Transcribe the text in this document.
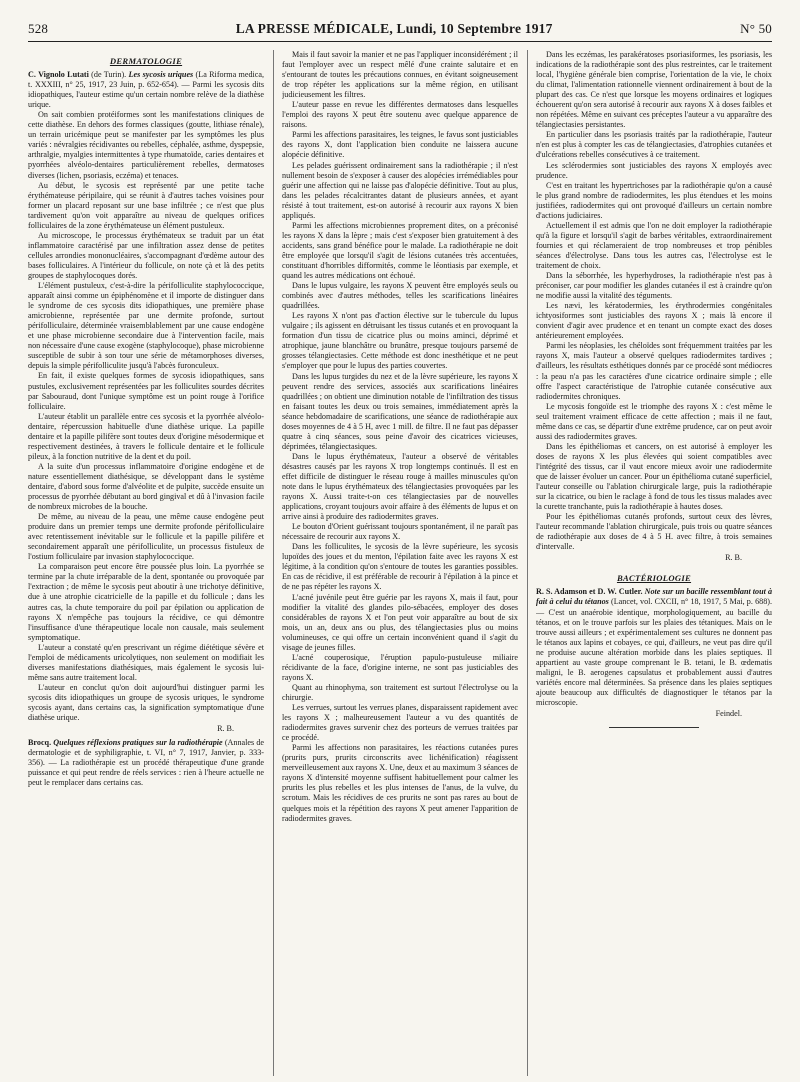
528	LA PRESSE MÉDICALE, Lundi, 10 Septembre 1917	N° 50
DERMATOLOGIE

C. Vignolo Lutati (de Turin). Les sycosis uriques (La Riforma medica, t. XXXIII, n° 25, 1917, 23 Juin, p. 652-654). — Parmi les sycosis dits idiopathiques, l'auteur estime qu'un certain nombre relève de la diathèse urique.

On sait combien protéiformes sont les manifestations cliniques de cette diathèse. En dehors des formes classiques (goutte, lithiase rénale), un terrain uricémique peut se manifester par les symptômes les plus variés : névralgies récidivantes ou rebelles, céphalée, asthme, dyspepsie, arthralgie, myalgies intermittentes à type rhumatoïde, caries dentaires et pyorrhées alvéolo-dentaires particulièrement rebelles, dermatoses diverses (lichen, psoriasis, eczéma) et tenaces.

Au début, le sycosis est représenté par une petite tache érythémateuse péripilaire, qui se réunit à d'autres taches voisines pour former un placard reposant sur une base infiltrée ; ce n'est que plus tardivement qu'on voit apparaître au niveau de quelques orifices folliculaires de la zone érythémateuse un élément pustuleux.

Au microscope, le processus érythémateux se traduit par un état inflammatoire caractérisé par une infiltration assez dense de petites cellules arrondies mononucléaires, s'accompagnant d'œdème autour des bases folliculaires. A l'intérieur du follicule, on note çà et là des petits groupes de staphylocoques dorés.

L'élément pustuleux, c'est-à-dire la périfolliculite staphylococcique, apparaît ainsi comme un épiphénomène et il importe de distinguer dans le syndrome de ces sycosis dits idiopathiques, une première phase amicrobienne, représentée par une dermite profonde, surtout périfolliculaire, déterminée vraisemblablement par une cause endogène et une phase microbienne secondaire due à l'intervention facile, mais non nécessaire d'une cause exogène (staphylocoque), phase microbienne susceptible de subir à son tour une série de métamorphoses diverses, depuis la simple périfolliculite jusqu'à l'abcès furonculeux.

En fait, il existe quelques formes de sycosis idiopathiques, sans pustules, exclusivement représentées par les folliculites sourdes décrites par Sabouraud, dont l'unique symptôme est un point rouge à l'orifice folliculaire.

L'auteur établit un parallèle entre ces sycosis et la pyorrhée alvéolo-dentaire, répercussion habituelle d'une diathèse urique. La papille dentaire et la papille pilifère sont toutes deux d'origine mésodermique et respectivement destinées, à travers le follicule dentaire et le follicule pileux, à la fonction nutritive de la dent et du poil.

A la suite d'un processus inflammatoire d'origine endogène et de nature essentiellement diathésique, se développant dans le système dentaire, d'abord sous forme d'alvéolite et de pulpite, succède ensuite un processus de pyorrhée débutant au bord gingival et dû à l'invasion facile de nombreux microbes de la bouche.

De même, au niveau de la peau, une même cause endogène peut produire dans un premier temps une dermite profonde périfolliculaire avec retentissement inévitable sur le follicule et la papille pilifère et secondairement apparaît une périfolliculite, un processus fistuleux de l'ostium folliculaire par invasion staphylococcique.

La comparaison peut encore être poussée plus loin. La pyorrhée se termine par la chute irréparable de la dent, spontanée ou provoquée par l'extraction ; de même le sycosis peut aboutir à une trichotye définitive, due à une atrophie cicatricielle de la papille et du follicule ; dans les autres cas, la chute temporaire du poil par épilation ou application de rayons X n'empêche pas toujours la récidive, ce qui démontre l'insuffisance d'une thérapeutique locale non causale, mais seulement symptomatique.

L'auteur a constaté qu'en prescrivant un régime diététique sévère et l'emploi de médicaments uricolytiques, non seulement on modifiait les diverses manifestations diathésiques, mais également le sycosis lui-même sans autre traitement local.

L'auteur en conclut qu'on doit aujourd'hui distinguer parmi les sycosis dits idiopathiques un groupe de sycosis uriques, le syndrome sycosis ayant, dans certains cas, la signification symptomatique d'une diathèse urique.

R. B.

Brocq. Quelques réflexions pratiques sur la radiothérapie (Annales de dermatologie et de syphiligraphie, t. VI, n° 7, 1917, Janvier, p. 333-356). — La radiothérapie est un procédé thérapeutique d'une grande puissance et qui peut rendre de réels services : rien à l'heure actuelle ne peut le remplacer dans certains cas.

Mais il faut savoir la manier et ne pas l'appliquer inconsidérément ; il faut l'employer avec un respect mêlé d'une crainte salutaire et en s'entourant de toutes les précautions connues, en évitant soigneusement de trop répéter les applications sur la même région, en utilisant judicieusement les filtres.

L'auteur passe en revue les différentes dermatoses dans lesquelles l'emploi des rayons X peut être soutenu avec quelque apparence de raisons.

Parmi les affections parasitaires, les teignes, le favus sont justiciables des rayons X, dont l'application bien conduite ne laissera aucune alopécie définitive.

Les pelades guérissent ordinairement sans la radiothérapie ; il n'est nullement besoin de s'exposer à causer des alopécies irrémédiables pour guérir une affection qui ne laisse pas d'alopécie définitive. Tout au plus, dans les pelades récalcitrantes datant de plusieurs années, et ayant résisté à tout traitement, est-on autorisé à recourir aux rayons X bien appliqués.

Parmi les affections microbiennes proprement dites, on a préconisé les rayons X dans la lèpre ; mais c'est s'exposer bien gratuitement à des accidents, sans grand bénéfice pour le malade. La radiothérapie ne doit être employée que lorsqu'il s'agit de lésions cutanées très accentuées, constituant d'horribles difformités, comme le léontiasis par exemple, et quand les autres médications ont échoué.

Dans le lupus vulgaire, les rayons X peuvent être employés seuls ou combinés avec d'autres méthodes, telles les scarifications linéaires quadrillées.

Les rayons X n'ont pas d'action élective sur le tubercule du lupus vulgaire ; ils agissent en détruisant les tissus cutanés et en provoquant la formation d'un tissu de cicatrice plus ou moins aminci, déprimé et atrophique, jaune blanchâtre ou brunâtre, presque toujours parsemé de grosses télangiectasies. Cette méthode est donc inesthétique et ne peut s'employer que pour le lupus des parties couvertes.

Dans les lupus turgides du nez et de la lèvre supérieure, les rayons X peuvent rendre des services, associés aux scarifications linéaires quadrillées ; on obtient une diminution notable de l'infiltration des tissus en faisant toutes les deux ou trois semaines, immédiatement après la séance hebdomadaire de scarifications, une séance de radiothérapie aux doses moyennes de 4 à 5 H, avec 1 mill. de filtre. Il ne faut pas dépasser quatre à cinq séances, sous peine d'avoir des cicatrices vicieuses, déprimées, télangiectasiques.

Dans le lupus érythémateux, l'auteur a observé de véritables désastres causés par les rayons X trop longtemps continués. Il est en effet difficile de distinguer le réseau rouge à mailles minuscules qu'on note dans le lupus érythémateux des télangiectasies provoquées par les rayons X. Aussi traite-t-on ces télangiectasies par de nouvelles applications, croyant toujours avoir affaire à des éléments de lupus et on arrive ainsi à produire des radiodermites graves.

Le bouton d'Orient guérissant toujours spontanément, il ne paraît pas nécessaire de recourir aux rayons X.

Dans les folliculites, le sycosis de la lèvre supérieure, les sycosis lupoïdes des joues et du menton, l'épilation faite avec les rayons X est légitime, à la condition qu'on s'entoure de toutes les garanties possibles. En cas de récidive, il est préférable de recourir à l'épilation à la pince et de ne pas répéter les rayons X.

L'acné juvénile peut être guérie par les rayons X, mais il faut, pour modifier la vitalité des glandes pilo-sébacées, employer des doses considérables de rayons X et l'on peut voir apparaître au bout de six mois, un an, deux ans ou plus, des télangiectasies plus ou moins volumineuses, ce qui offre un certain inconvénient quand il s'agit du visage de jeunes filles.

L'acné couperosique, l'éruption papulo-pustuleuse miliaire récidivante de la face, d'origine interne, ne sont pas justiciables des rayons X.

Quant au rhinophyma, son traitement est surtout l'électrolyse ou la chirurgie.

Les verrues, surtout les verrues planes, disparaissent rapidement avec les rayons X ; malheureusement l'auteur a vu des quantités de radiodermites graves survenir chez des porteurs de verrues traitées par ce procédé.

Parmi les affections non parasitaires, les réactions cutanées pures (prurits purs, prurits circonscrits avec lichénification) réagissent merveilleusement aux rayons X. Une, deux et au maximum 3 séances de rayons X d'intensité moyenne suffisent habituellement pour calmer les prurits les plus rebelles et les plus intenses de l'anus, de la vulve, du scrotum. Mais les récidives de ces prurits ne sont pas rares au bout de quelques mois et la répétition des rayons X peut amener l'apparition de radiodermites graves.

Dans les eczémas, les parakératoses psoriasiformes, les psoriasis, les indications de la radiothérapie sont des plus restreintes, car le traitement local, l'hygiène générale bien comprise, l'orientation de la vie, le choix du climat, l'alimentation rationnelle viennent ordinairement à bout de la plupart des cas. Ce n'est que lorsque les moyens ordinaires et logiques échouerent qu'on sera autorisé à recourir aux rayons X à doses faibles et non répétées. Même en suivant ces préceptes l'auteur a vu apparaître des télangiectasies persistantes.

En particulier dans les psoriasis traités par la radiothérapie, l'auteur n'en est plus à compter les cas de télangiectasies, d'atrophies cutanées et d'ulcérations rebelles consécutives à ce traitement.

Les sclérodermies sont justiciables des rayons X employés avec prudence.

C'est en traitant les hypertrichoses par la radiothérapie qu'on a causé le plus grand nombre de radiodermites, les plus étendues et les moins justifiées, radiodermites qui ont provoqué d'ailleurs un certain nombre d'actions judiciaires.

Actuellement il est admis que l'on ne doit employer la radiothérapie qu'à la figure et lorsqu'il s'agit de barbes véritables, extraordinairement fournies et qui réclameraient de trop nombreuses et trop pénibles séances d'électrolyse. Dans tous les autres cas, l'électrolyse est le traitement de choix.

Dans la séborrhée, les hyperhydroses, la radiothérapie n'est pas à préconiser, car pour modifier les glandes cutanées il est à craindre qu'on ne modifie aussi la vitalité des téguments.

Les nævi, les kératodermies, les érythrodermies congénitales ichtyosiformes sont justiciables des rayons X ; mais là encore il convient d'agir avec prudence et en tenant un compte exact des doses antérieurement employées.

Parmi les néoplasies, les chéloïdes sont fréquemment traitées par les rayons X, mais l'auteur a observé quelques radiodermites tardives ; d'ailleurs, les résultats esthétiques donnés par ce procédé sont médiocres : la peau n'a pas les caractères d'une cicatrice ordinaire simple ; elle offre l'aspect caractéristique de l'atrophie cutanée consécutive aux radiodermites chroniques.

Le mycosis fongoïde est le triomphe des rayons X : c'est même le seul traitement vraiment efficace de cette affection ; mais il ne faut, même dans ce cas, se départir d'une extrême prudence, car on peut avoir aussi des radiodermites graves.

Dans les épithéliomas et cancers, on est autorisé à employer les doses de rayons X les plus élevées qui soient compatibles avec l'intégrité des tissus, car il vaut encore mieux avoir une radiodermite que de laisser évoluer un cancer. Pour un épithélioma cutané superficiel, l'auteur conseille ou l'ablation chirurgicale large, puis la radiothérapie sur la cicatrice, ou bien le raclage à fond de tous les tissus malades avec la curette tranchante, puis la radiothérapie à hautes doses.

Pour les épithéliomas cutanés profonds, surtout ceux des lèvres, l'auteur recommande l'ablation chirurgicale, puis trois ou quatre séances de radiothérapie aux doses de 4 à 5 H. avec filtre, à trois semaines d'intervalle.

R. B.
BACTÉRIOLOGIE

R. S. Adamson et D. W. Cutler. Note sur un bacille ressemblant tout à fait à celui du tétanos (Lancet, vol. CXCII, n° 18, 1917, 5 Mai, p. 688). — C'est un anaérobie identique, morphologiquement, au bacille du tétanos, et on le trouve parfois sur les plaies des tétaniques. Mais on le trouve aussi ailleurs ; et expérimentalement ses cultures ne donnent pas le tétanos aux lapins et cobayes, ce qui, d'ailleurs, ne veut pas dire qu'il ne produise aucune altération morbide dans les plaies septiques. Il appartient au vaste groupe comprenant le B. tetani, le B. œdematis maligni, le B. aerogenes capsulatus et probablement aussi d'autres variétés encore mal déterminées. Sa présence dans les plaies septiques ajoute beaucoup aux difficultés de diagnostiquer le tétanos par la microscopie.

Feindel.
